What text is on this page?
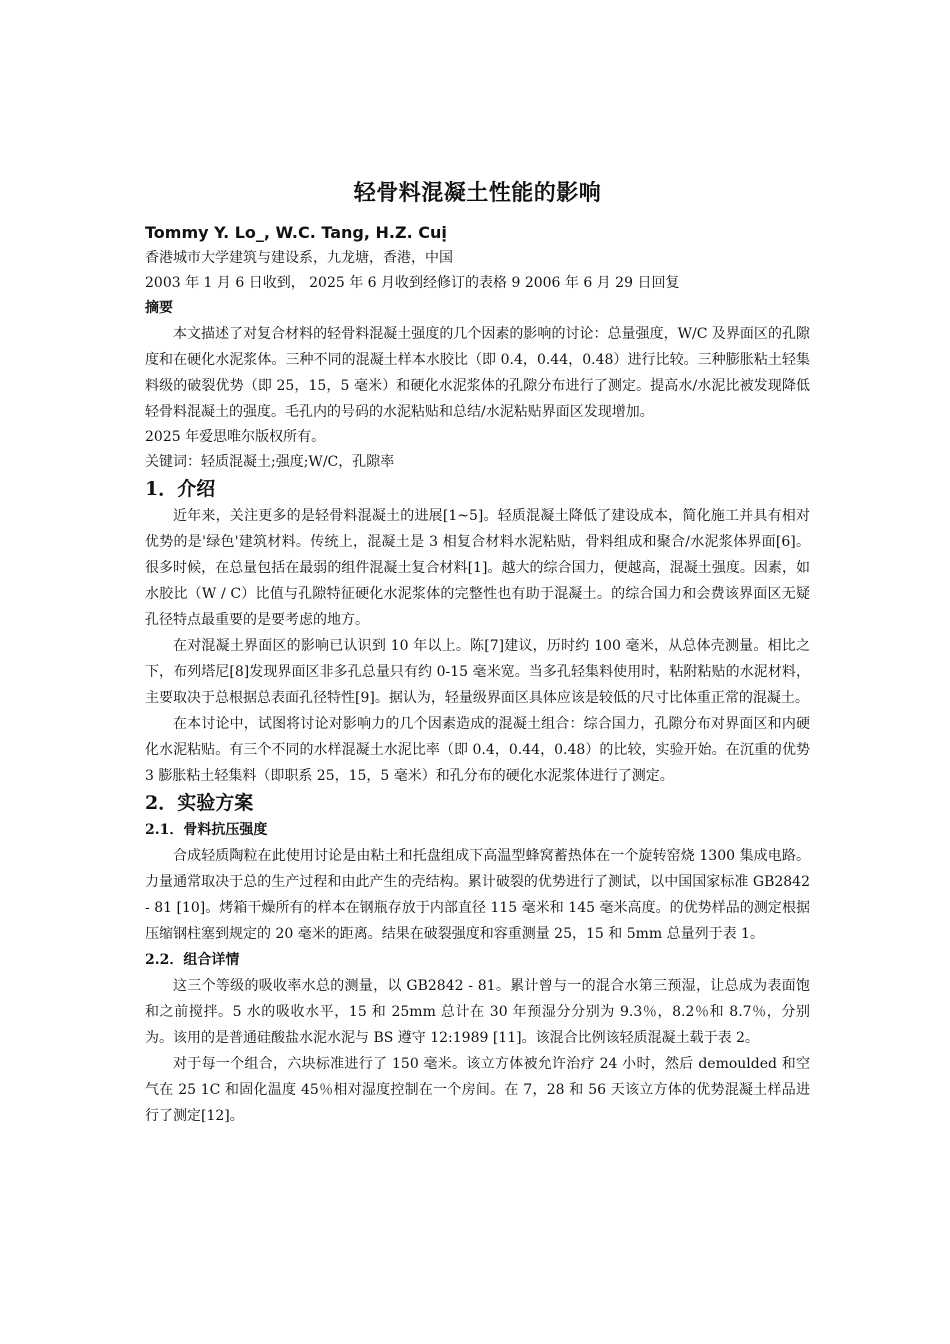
轻骨料混凝土性能的影响

Tommy Y. Lo_, W.C. Tang, H.Z. Cuị

香港城市大学建筑与建设系，九龙塘，香港，中国

2003 年 1 月 6 日收到， 2025 年 6 月收到经修订的表格 9 2006 年 6 月 29 日回复

摘要

本文描述了对复合材料的轻骨料混凝土强度的几个因素的影响的讨论：总量强度，W/C 及界面区的孔隙度和在硬化水泥浆体。三种不同的混凝土样本水胶比（即 0.4，0.44，0.48）进行比较。三种膨胀粘土轻集料级的破裂优势（即 25，15，5 毫米）和硬化水泥浆体的孔隙分布进行了测定。提高水/水泥比被发现降低轻骨料混凝土的强度。毛孔内的号码的水泥粘贴和总结/水泥粘贴界面区发现增加。

2025 年爱思唯尔版权所有。

关键词：轻质混凝土;强度;W/C，孔隙率

1．介绍

近年来，关注更多的是轻骨料混凝土的进展[1~5]。轻质混凝土降低了建设成本，简化施工并具有相对优势的是'绿色'建筑材料。传统上，混凝土是 3 相复合材料水泥粘贴，骨料组成和聚合/水泥浆体界面[6]。很多时候，在总量包括在最弱的组件混凝土复合材料[1]。越大的综合国力，便越高，混凝土强度。因素，如水胶比（W / C）比值与孔隙特征硬化水泥浆体的完整性也有助于混凝土。的综合国力和会费该界面区无疑孔径特点最重要的是要考虑的地方。

在对混凝土界面区的影响已认识到 10 年以上。陈[7]建议，历时约 100 毫米，从总体壳测量。相比之下，布列塔尼[8]发现界面区非多孔总量只有约 0-15 毫米宽。当多孔轻集料使用时，粘附粘贴的水泥材料，主要取决于总根据总表面孔径特性[9]。据认为，轻量级界面区具体应该是较低的尺寸比体重正常的混凝土。

在本讨论中，试图将讨论对影响力的几个因素造成的混凝土组合：综合国力，孔隙分布对界面区和内硬化水泥粘贴。有三个不同的水样混凝土水泥比率（即 0.4，0.44，0.48）的比较，实验开始。在沉重的优势 3 膨胀粘土轻集料（即职系 25，15，5 毫米）和孔分布的硬化水泥浆体进行了测定。

2．实验方案
2.1．骨料抗压强度

合成轻质陶粒在此使用讨论是由粘土和托盘组成下高温型蜂窝蓄热体在一个旋转窑烧 1300 集成电路。力量通常取决于总的生产过程和由此产生的壳结构。累计破裂的优势进行了测试，以中国国家标准 GB2842 - 81 [10]。烤箱干燥所有的样本在钢瓶存放于内部直径 115 毫米和 145 毫米高度。的优势样品的测定根据压缩钢柱塞到规定的 20 毫米的距离。结果在破裂强度和容重测量 25，15 和 5mm 总量列于表 1。

2.2．组合详情

这三个等级的吸收率水总的测量，以 GB2842 - 81。累计曾与一的混合水第三预湿，让总成为表面饱和之前搅拌。5 水的吸收水平，15 和 25mm 总计在 30 年预湿分分别为 9.3％，8.2％和 8.7％，分别为。该用的是普通硅酸盐水泥水泥与 BS 遵守 12:1989 [11]。该混合比例该轻质混凝土载于表 2。

对于每一个组合，六块标准进行了 150 毫米。该立方体被允许治疗 24 小时，然后 demoulded 和空气在 25 1C 和固化温度 45％相对湿度控制在一个房间。在 7，28 和 56 天该立方体的优势混凝土样品进行了测定[12]。
